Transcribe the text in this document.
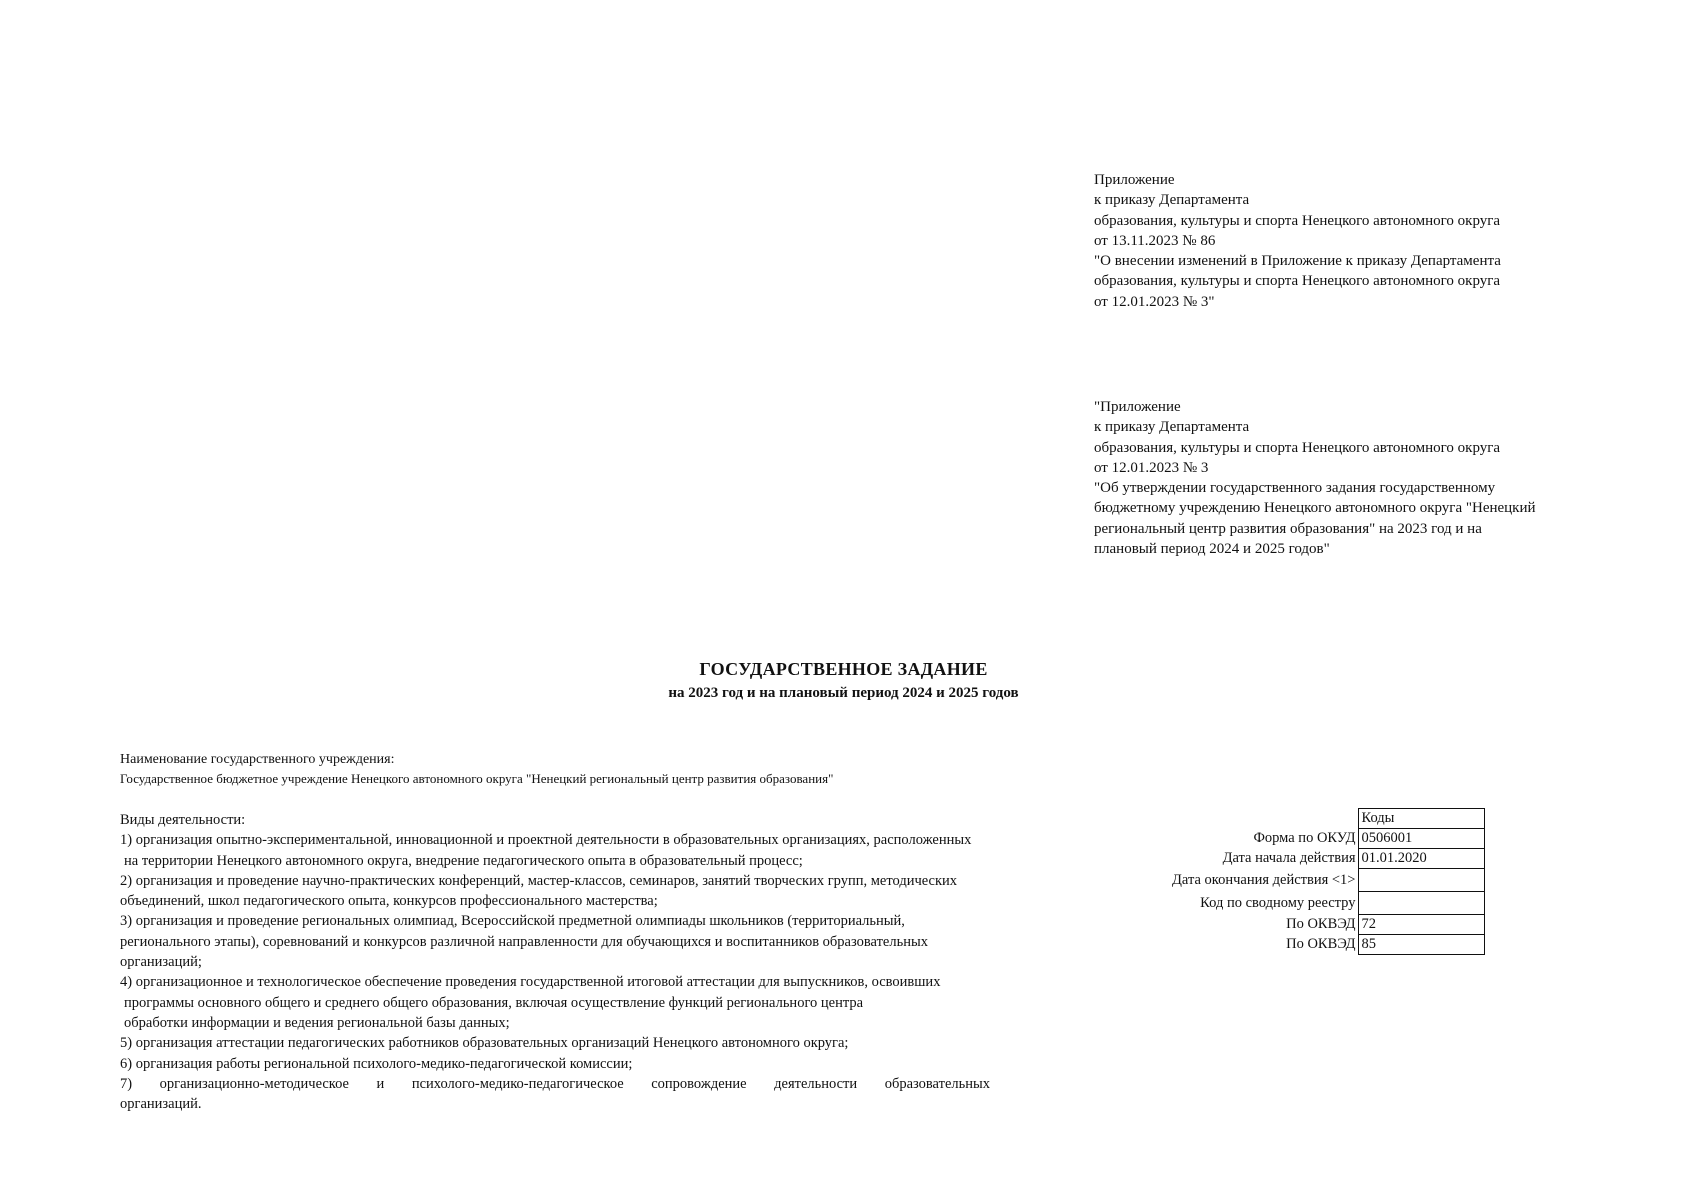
Приложение
к приказу Департамента
образования, культуры и спорта Ненецкого автономного округа
от 13.11.2023 № 86
"О внесении изменений в Приложение к приказу Департамента
образования, культуры и спорта Ненецкого автономного округа
от 12.01.2023 № 3"
"Приложение
к приказу Департамента
образования, культуры и спорта Ненецкого автономного округа
от 12.01.2023 № 3
"Об утверждении государственного задания государственному
бюджетному учреждению Ненецкого автономного округа "Ненецкий
региональный центр развития образования" на 2023 год и на
плановый период 2024 и 2025 годов"
ГОСУДАРСТВЕННОЕ ЗАДАНИЕ
на 2023 год и на плановый период 2024 и 2025 годов
Наименование государственного учреждения:
Государственное бюджетное учреждение Ненецкого автономного округа "Ненецкий региональный центр развития образования"
Виды деятельности:
1) организация опытно-экспериментальной, инновационной и проектной деятельности в образовательных организациях, расположенных
на территории Ненецкого автономного округа, внедрение педагогического опыта в образовательный процесс;
2) организация и проведение научно-практических конференций, мастер-классов, семинаров, занятий творческих групп, методических
объединений, школ педагогического опыта, конкурсов профессионального мастерства;
3) организация и проведение региональных олимпиад, Всероссийской предметной олимпиады школьников (территориальный,
регионального этапы), соревнований и конкурсов различной направленности для обучающихся и воспитанников образовательных
организаций;
4) организационное и технологическое обеспечение проведения государственной итоговой аттестации для выпускников, освоивших
программы основного общего и среднего общего образования, включая осуществление функций регионального центра
обработки информации и ведения региональной базы данных;
5) организация аттестации педагогических работников образовательных организаций Ненецкого автономного округа;
6) организация работы региональной психолого-медико-педагогической комиссии;
7) организационно-методическое и психолого-медико-педагогическое сопровождение деятельности образовательных
организаций.
	Коды
Форма по ОКУД	0506001
Дата начала действия	01.01.2020
Дата окончания действия <1>	
Код по сводному реестру	
По ОКВЭД	72
По ОКВЭД	85
